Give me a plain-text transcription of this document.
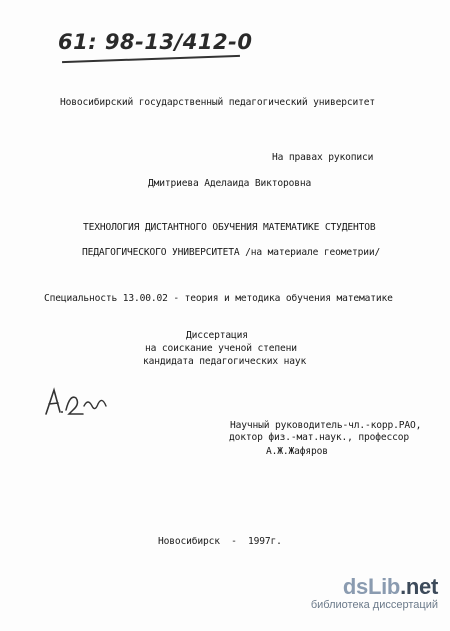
61: 98-13/412-0
Новосибирский государственный педагогический университет
На правах рукописи
Дмитриева Аделаида Викторовна
ТЕХНОЛОГИЯ ДИСТАНТНОГО ОБУЧЕНИЯ МАТЕМАТИКЕ СТУДЕНТОВ
ПЕДАГОГИЧЕСКОГО УНИВЕРСИТЕТА /на материале геометрии/
Специальность 13.00.02 - теория и методика обучения математике
Диссертация
на соискание ученой степени
кандидата педагогических наук
Научный руководитель-чл.-корр.РАО,
доктор физ.-мат.наук., профессор
А.Ж.Жафяров
Новосибирск  -  1997г.
dsLib.net
библиотека диссертаций
